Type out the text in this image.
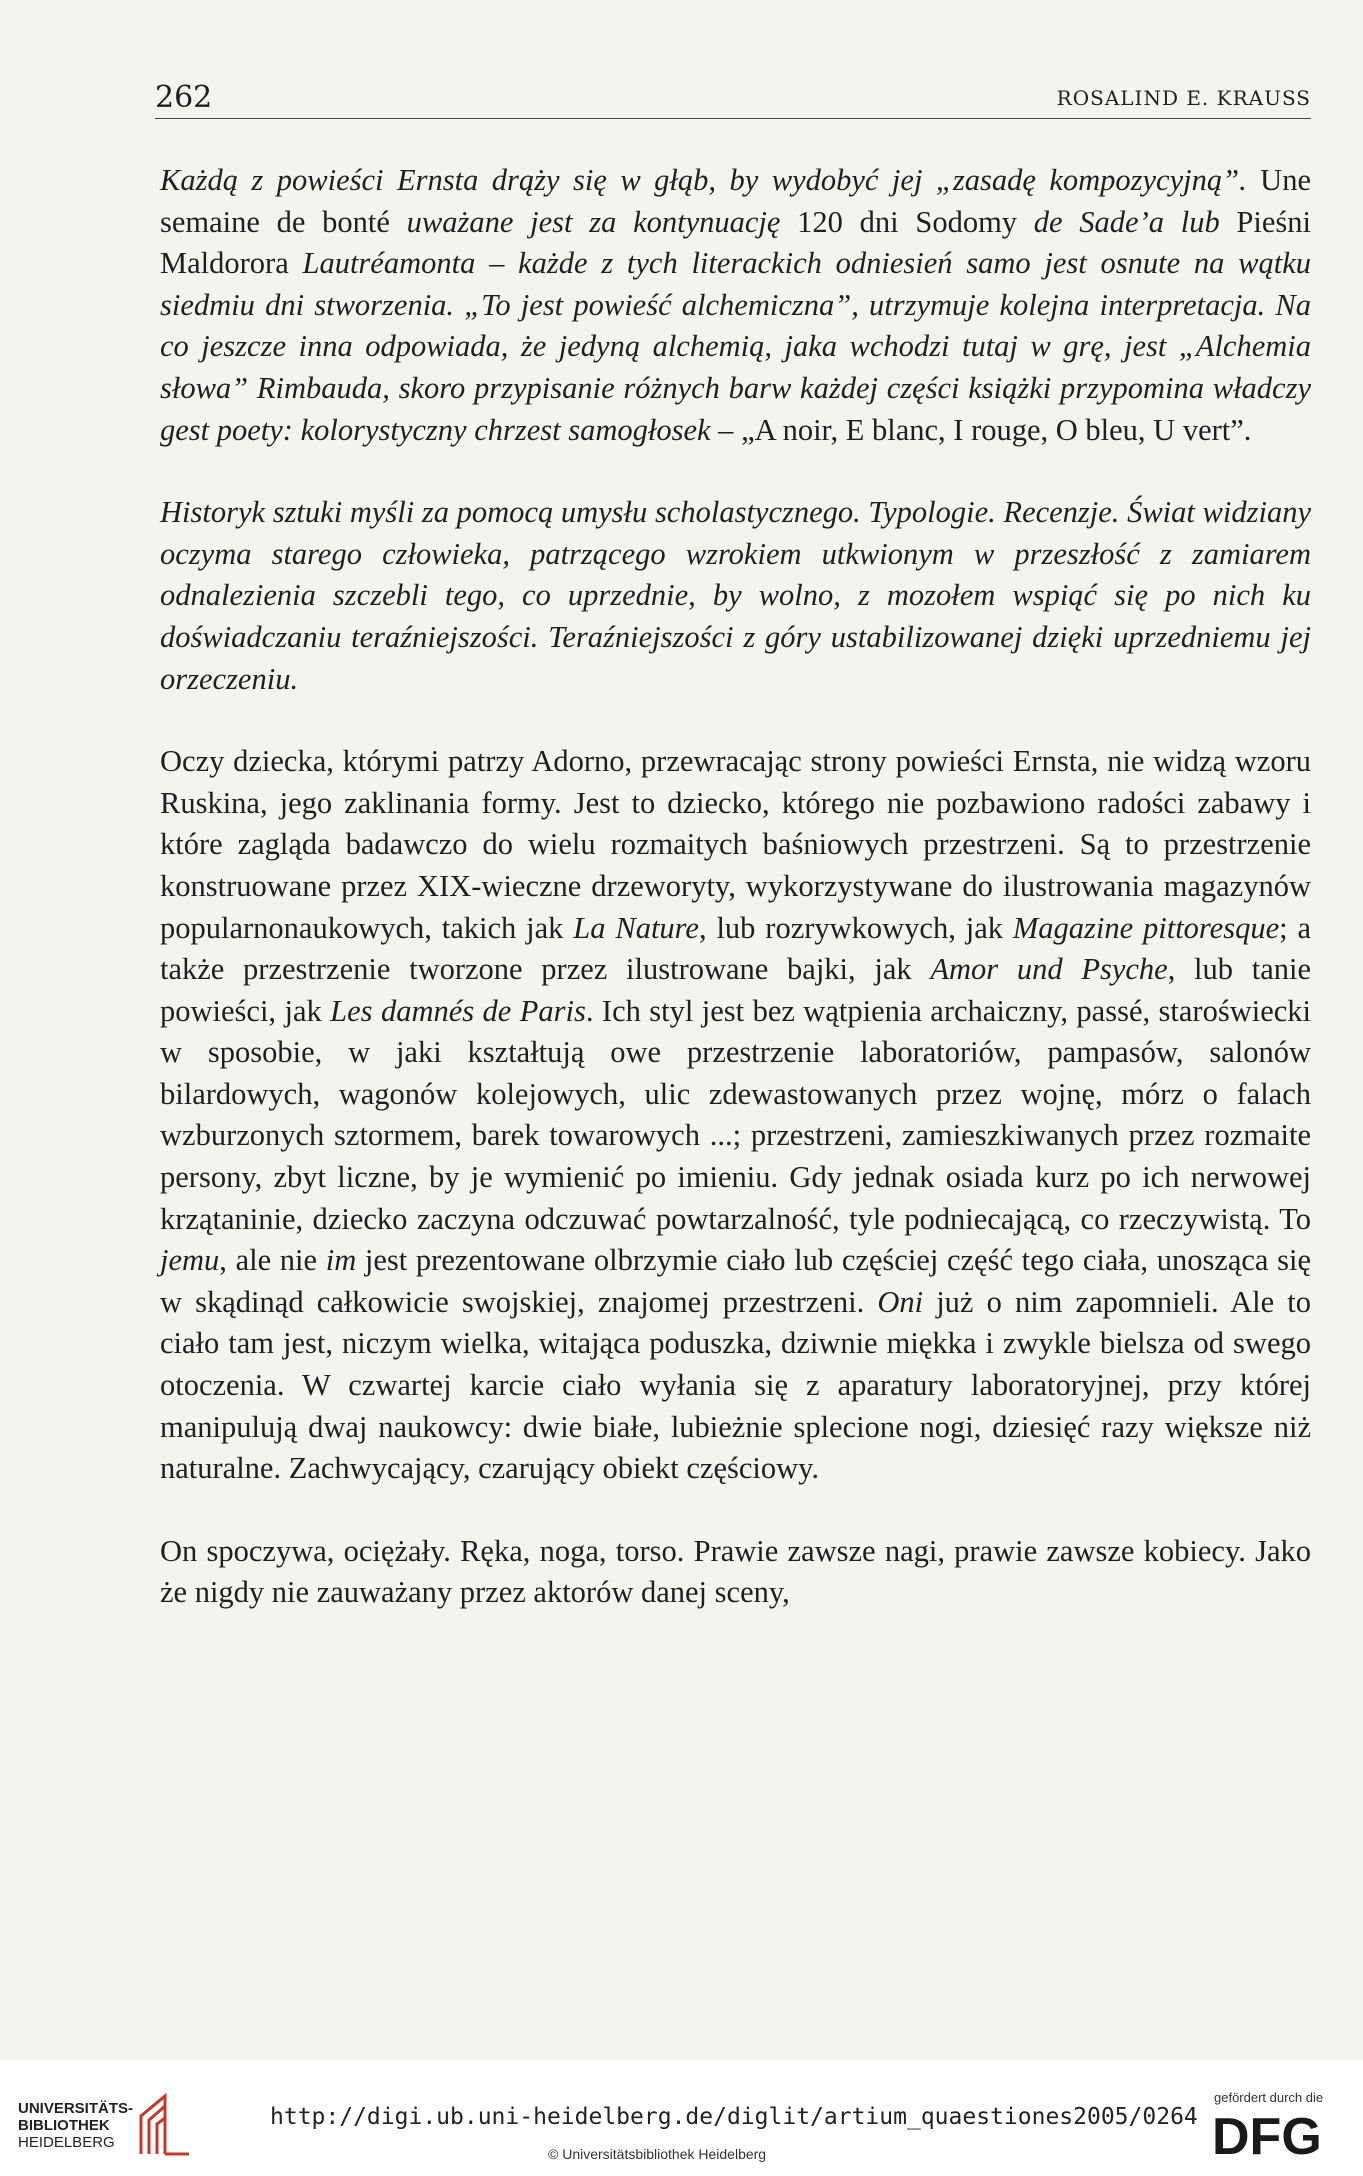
262	ROSALIND E. KRAUSS

Każdą z powieści Ernsta drąży się w głąb, by wydobyć jej „zasadę kompozycyjną”. Une semaine de bonté uważane jest za kontynuację 120 dni Sodomy de Sade’a lub Pieśni Maldorora Lautréamonta – każde z tych literackich odniesień samo jest osnute na wątku siedmiu dni stworzenia. „To jest powieść alchemiczna”, utrzymuje kolejna interpretacja. Na co jeszcze inna odpowiada, że jedyną alchemią, jaka wchodzi tutaj w grę, jest „Alchemia słowa” Rimbauda, skoro przypisanie różnych barw każdej części książki przypomina władczy gest poety: kolorystyczny chrzest samogłosek – „A noir, E blanc, I rouge, O bleu, U vert”.

Historyk sztuki myśli za pomocą umysłu scholastycznego. Typologie. Recenzje. Świat widziany oczyma starego człowieka, patrzącego wzrokiem utkwionym w przeszłość z zamiarem odnalezienia szczebli tego, co uprzednie, by wolno, z mozołem wspiąć się po nich ku doświadczaniu teraźniejszości. Teraźniejszości z góry ustabilizowanej dzięki uprzedniemu jej orzeczeniu.

Oczy dziecka, którymi patrzy Adorno, przewracając strony powieści Ernsta, nie widzą wzoru Ruskina, jego zaklinania formy. Jest to dziecko, którego nie pozbawiono radości zabawy i które zagląda badawczo do wielu rozmaitych baśniowych przestrzeni. Są to przestrzenie konstruowane przez XIX-wieczne drzeworyty, wykorzystywane do ilustrowania magazynów popularnonaukowych, takich jak La Nature, lub rozrywkowych, jak Magazine pittoresque; a także przestrzenie tworzone przez ilustrowane bajki, jak Amor und Psyche, lub tanie powieści, jak Les damnés de Paris. Ich styl jest bez wątpienia archaiczny, passé, staroświecki w sposobie, w jaki kształtują owe przestrzenie laboratoriów, pampasów, salonów bilardowych, wagonów kolejowych, ulic zdewastowanych przez wojnę, mórz o falach wzburzonych sztormem, barek towarowych ...; przestrzeni, zamieszkiwanych przez rozmaite persony, zbyt liczne, by je wymienić po imieniu. Gdy jednak osiada kurz po ich nerwowej krzątaninie, dziecko zaczyna odczuwać powtarzalność, tyle podniecającą, co rzeczywistą. To jemu, ale nie im jest prezentowane olbrzymie ciało lub częściej część tego ciała, unosząca się w skądinąd całkowicie swojskiej, znajomej przestrzeni. Oni już o nim zapomnieli. Ale to ciało tam jest, niczym wielka, witająca poduszka, dziwnie miękka i zwykle bielsza od swego otoczenia. W czwartej karcie ciało wyłania się z aparatury laboratoryjnej, przy której manipulują dwaj naukowcy: dwie białe, lubieżnie splecione nogi, dziesięć razy większe niż naturalne. Zachwycający, czarujący obiekt częściowy.

On spoczywa, ociężały. Ręka, noga, torso. Prawie zawsze nagi, prawie zawsze kobiecy. Jako że nigdy nie zauważany przez aktorów danej sceny,

UNIVERSITÄTS-
BIBLIOTHEK
HEIDELBERG
http://digi.ub.uni-heidelberg.de/diglit/artium_quaestiones2005/0264
© Universitätsbibliothek Heidelberg
gefördert durch die
DFG
